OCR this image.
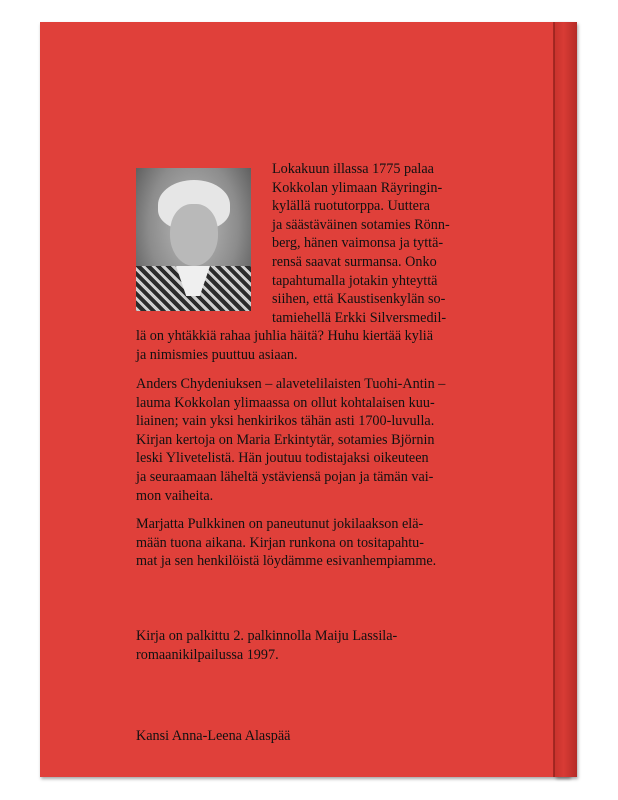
Lokakuun illassa 1775 palaa
Kokkolan ylimaan Räyringin-
kylällä ruotutorppa. Uuttera
ja säästäväinen sotamies Rönn-
berg, hänen vaimonsa ja tyttä-
rensä saavat surmansa. Onko
tapahtumalla jotakin yhteyttä
siihen, että Kaustisenkylän so-
tamiehellä Erkki Silversmedil-

lä on yhtäkkiä rahaa juhlia häitä? Huhu kiertää kyliä
ja nimismies puuttuu asiaan.

Anders Chydeniuksen – alavetelilaisten Tuohi-Antin –
lauma Kokkolan ylimaassa on ollut kohtalaisen kuu-
liainen; vain yksi henkirikos tähän asti 1700-luvulla.
Kirjan kertoja on Maria Erkintytär, sotamies Björnin
leski Ylivetelistä. Hän joutuu todistajaksi oikeuteen
ja seuraamaan läheltä ystäviensä pojan ja tämän vai-
mon vaiheita.

Marjatta Pulkkinen on paneutunut jokilaakson elä-
mään tuona aikana. Kirjan runkona on tositapahtu-
mat ja sen henkilöistä löydämme esivanhempiamme.

Kirja on palkittu 2. palkinnolla Maiju Lassila-
romaanikilpailussa 1997.

Kansi Anna-Leena Alaspää
